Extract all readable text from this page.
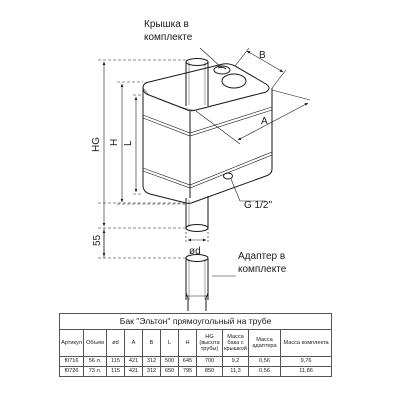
Крышка в
комплекте
B
A
HG H L
55
ød
G 1/2"
Адаптер в
комплекте
Бак "Эльтон" прямоугольный на трубе										
Артикул	Объем	ød	A	B	L	H	HG (высота трубы)	Масса бака с крышкой	Масса адаптера	Масса комплекта
f0716	56 л.	115	421	312	500	645	700	9,2	0,56	9,76
f0726	73 л.	115	421	312	650	795	850	11,3	0,56	11,86
